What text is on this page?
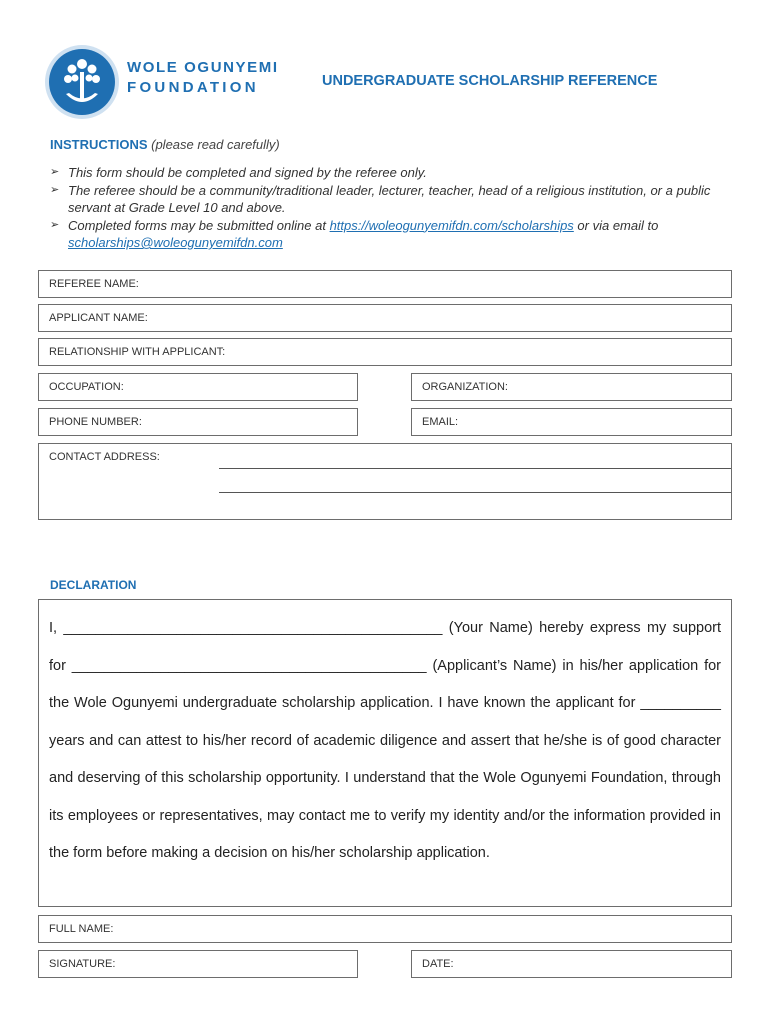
WOLE OGUNYEMI
FOUNDATION	UNDERGRADUATE SCHOLARSHIP REFERENCE
INSTRUCTIONS (please read carefully)
➢ This form should be completed and signed by the referee only.
➢ The referee should be a community/traditional leader, lecturer, teacher, head of a religious institution, or a public servant at Grade Level 10 and above.
➢ Completed forms may be submitted online at https://woleogunyemifdn.com/scholarships or via email to scholarships@woleogunyemifdn.com
REFEREE NAME:
APPLICANT NAME:
RELATIONSHIP WITH APPLICANT:
OCCUPATION:	ORGANIZATION:
PHONE NUMBER:	EMAIL:
CONTACT ADDRESS:
DECLARATION

I, _______________________________________________ (Your Name) hereby express my support for ____________________________________________ (Applicant’s Name) in his/her application for the Wole Ogunyemi undergraduate scholarship application. I have known the applicant for __________ years and can attest to his/her record of academic diligence and assert that he/she is of good character and deserving of this scholarship opportunity. I understand that the Wole Ogunyemi Foundation, through its employees or representatives, may contact me to verify my identity and/or the information provided in the form before making a decision on his/her scholarship application.

FULL NAME:
SIGNATURE:	DATE:
